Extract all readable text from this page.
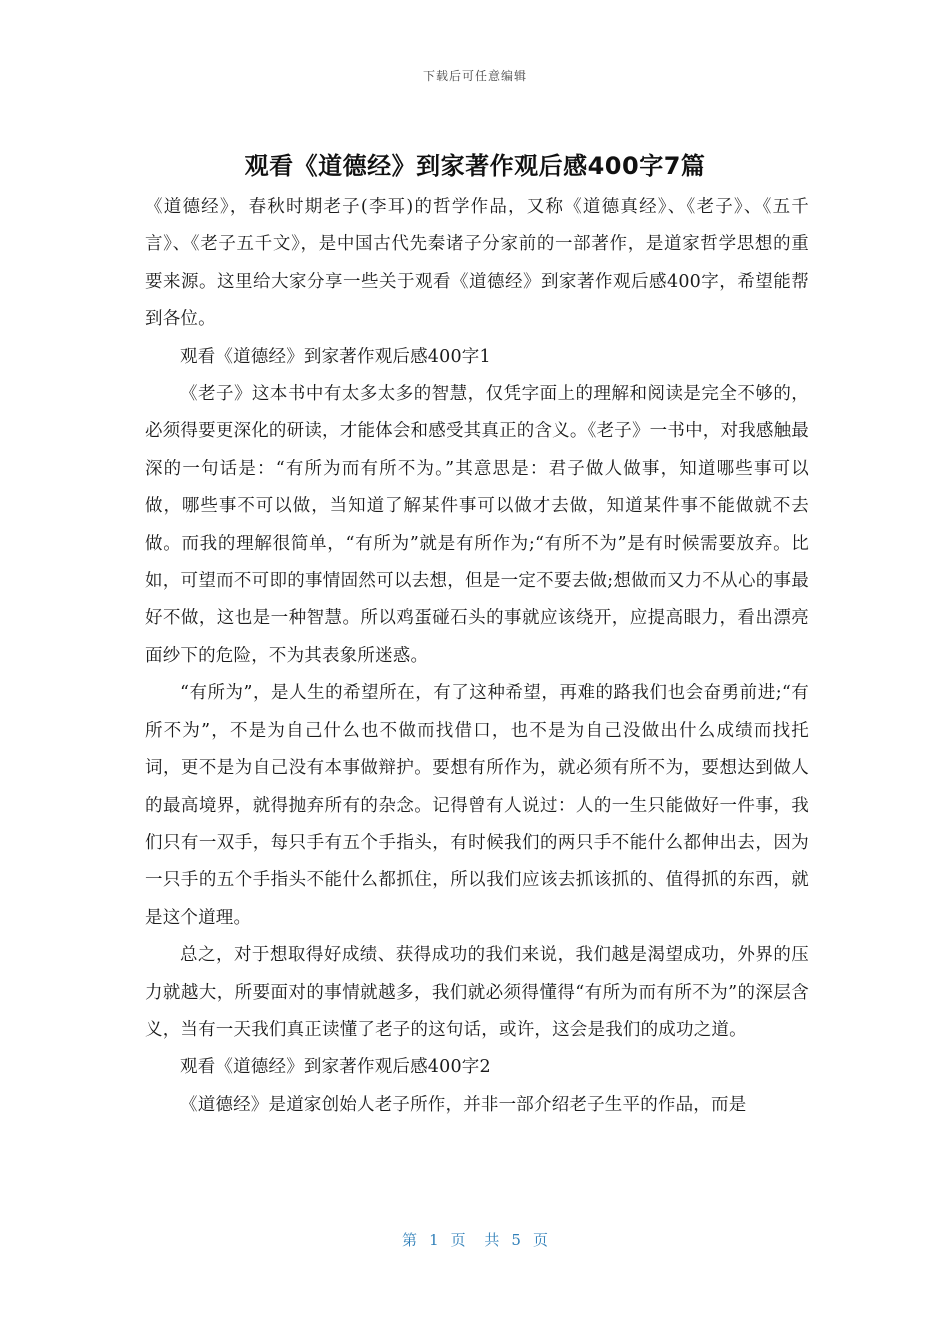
下载后可任意编辑
观看《道德经》到家著作观后感400字7篇

《道德经》，春秋时期老子(李耳)的哲学作品，又称《道德真经》、《老子》、《五千言》、《老子五千文》，是中国古代先秦诸子分家前的一部著作，是道家哲学思想的重要来源。这里给大家分享一些关于观看《道德经》到家著作观后感400字，希望能帮到各位。

观看《道德经》到家著作观后感400字1

《老子》这本书中有太多太多的智慧，仅凭字面上的理解和阅读是完全不够的，必须得要更深化的研读，才能体会和感受其真正的含义。《老子》一书中，对我感触最深的一句话是：“有所为而有所不为。”其意思是：君子做人做事，知道哪些事可以做，哪些事不可以做，当知道了解某件事可以做才去做，知道某件事不能做就不去做。而我的理解很简单，“有所为”就是有所作为;“有所不为”是有时候需要放弃。比如，可望而不可即的事情固然可以去想，但是一定不要去做;想做而又力不从心的事最好不做，这也是一种智慧。所以鸡蛋碰石头的事就应该绕开，应提高眼力，看出漂亮面纱下的危险，不为其表象所迷惑。

“有所为”，是人生的希望所在，有了这种希望，再难的路我们也会奋勇前进;“有所不为”，不是为自己什么也不做而找借口，也不是为自己没做出什么成绩而找托词，更不是为自己没有本事做辩护。要想有所作为，就必须有所不为，要想达到做人的最高境界，就得抛弃所有的杂念。记得曾有人说过：人的一生只能做好一件事，我们只有一双手，每只手有五个手指头，有时候我们的两只手不能什么都伸出去，因为一只手的五个手指头不能什么都抓住，所以我们应该去抓该抓的、值得抓的东西，就是这个道理。

总之，对于想取得好成绩、获得成功的我们来说，我们越是渴望成功，外界的压力就越大，所要面对的事情就越多，我们就必须得懂得“有所为而有所不为”的深层含义，当有一天我们真正读懂了老子的这句话，或许，这会是我们的成功之道。

观看《道德经》到家著作观后感400字2

《道德经》是道家创始人老子所作，并非一部介绍老子生平的作品，而是

第 1 页 共 5 页
